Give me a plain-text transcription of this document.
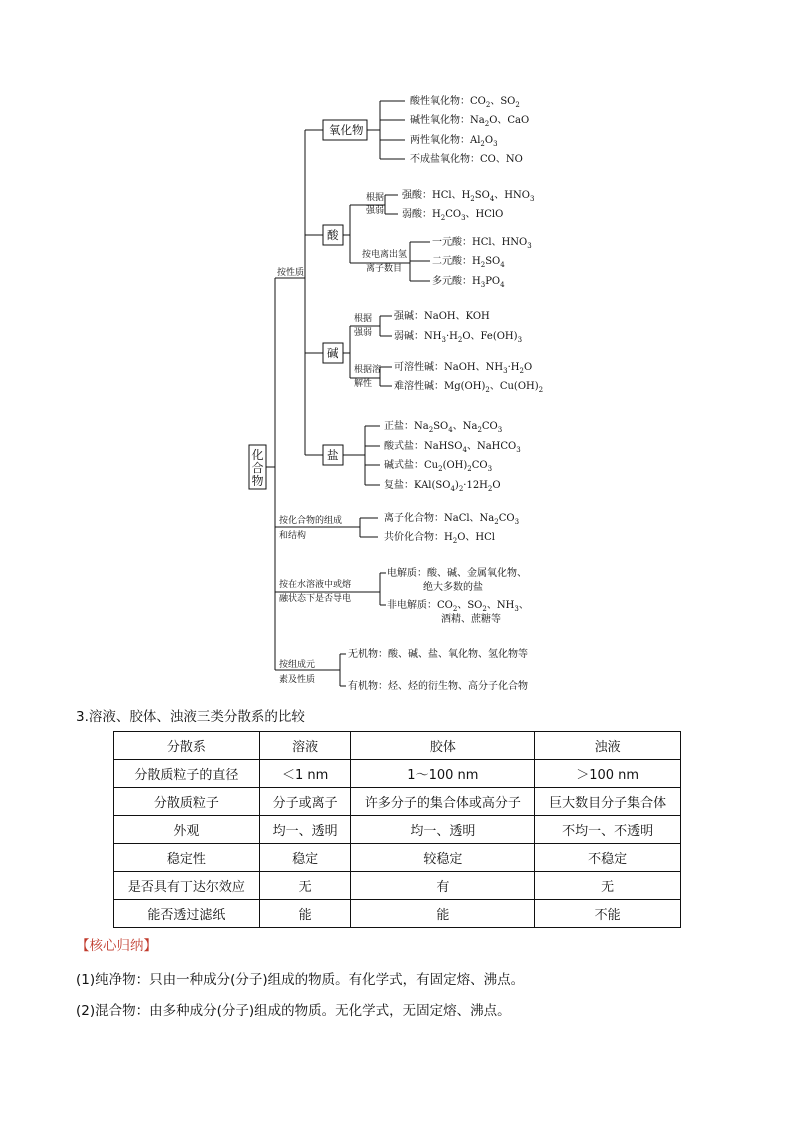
化合物
按性质
氧化物
酸
碱
盐
酸性氧化物：$CO_2$、$SO_2$
碱性氧化物：$Na_2O$、CaO
两性氧化物：$Al_2O_3$
不成盐氧化物：CO、NO
根据
强弱
强酸：HCl、$H_2SO_4$、$HNO_3$
弱酸：$H_2CO_3$、HClO
按电离出氢
离子数目
一元酸：HCl、$HNO_3$
二元酸：$H_2SO_4$
多元酸：$H_3PO_4$
根据
强弱
强碱：NaOH、KOH
弱碱：$NH_3\cdot H_2O$、$Fe(OH)_3$
根据溶
解性
可溶性碱：NaOH、$NH_3\cdot H_2O$
难溶性碱：$Mg(OH)_2$、$Cu(OH)_2$
正盐：$Na_2SO_4$、$Na_2CO_3$
酸式盐：NaHSO$_4$、NaHCO$_3$
碱式盐：$Cu_2(OH)_2CO_3$
复盐：$KAl(SO_4)_2\cdot 12H_2O$
按化合物的组成
和结构
离子化合物：NaCl、$Na_2CO_3$
共价化合物：$H_2O$、HCl
按在水溶液中或熔
融状态下是否导电
电解质：酸、碱、金属氧化物、
绝大多数的盐
非电解质：$CO_2$、$SO_2$、$NH_3$、
酒精、蔗糖等
按组成元
素及性质
无机物：酸、碱、盐、氧化物、氢化物等
有机物：烃、烃的衍生物、高分子化合物
3.溶液、胶体、浊液三类分散系的比较
分散系	溶液	胶体	浊液
分散质粒子的直径	＜1 nm	1～100 nm	＞100 nm
分散质粒子	分子或离子	许多分子的集合体或高分子	巨大数目分子集合体
外观	均一、透明	均一、透明	不均一、不透明
稳定性	稳定	较稳定	不稳定
是否具有丁达尔效应	无	有	无
能否透过滤纸	能	能	不能
【核心归纳】
(1)纯净物：只由一种成分(分子)组成的物质。有化学式，有固定熔、沸点。
(2)混合物：由多种成分(分子)组成的物质。无化学式，无固定熔、沸点。
